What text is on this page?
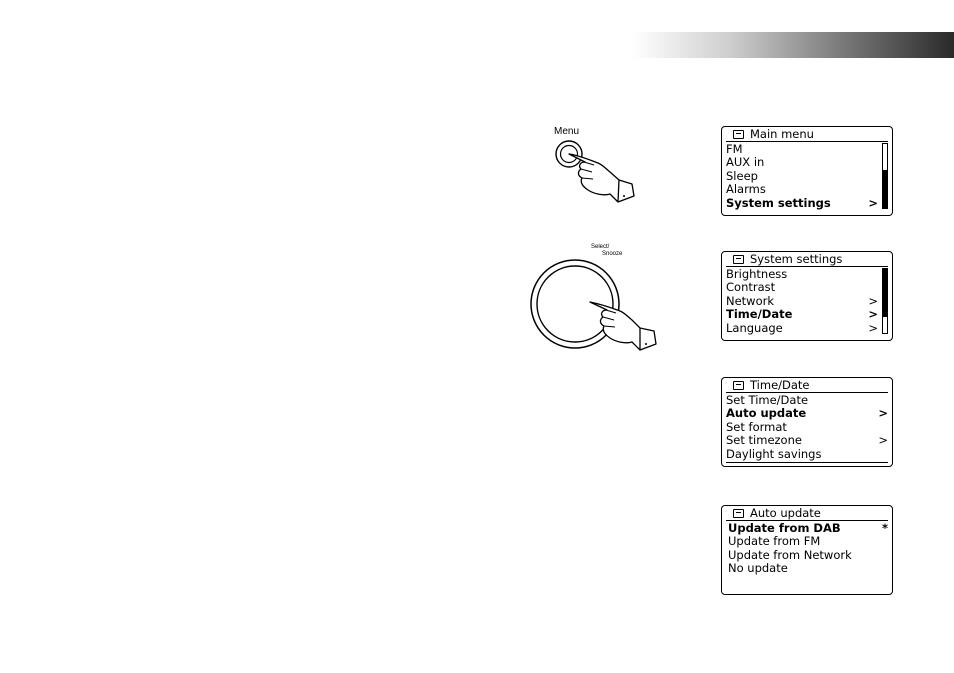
Menu
Select/
Snooze
Main menu
FM
AUX in
Sleep
Alarms
System settings	>
System settings
Brightness
Contrast
Network	>
Time/Date	>
Language	>
Time/Date
Set Time/Date
Auto update	>
Set format
Set timezone	>
Daylight savings
Auto update
Update from DAB	*
Update from FM
Update from Network
No update
